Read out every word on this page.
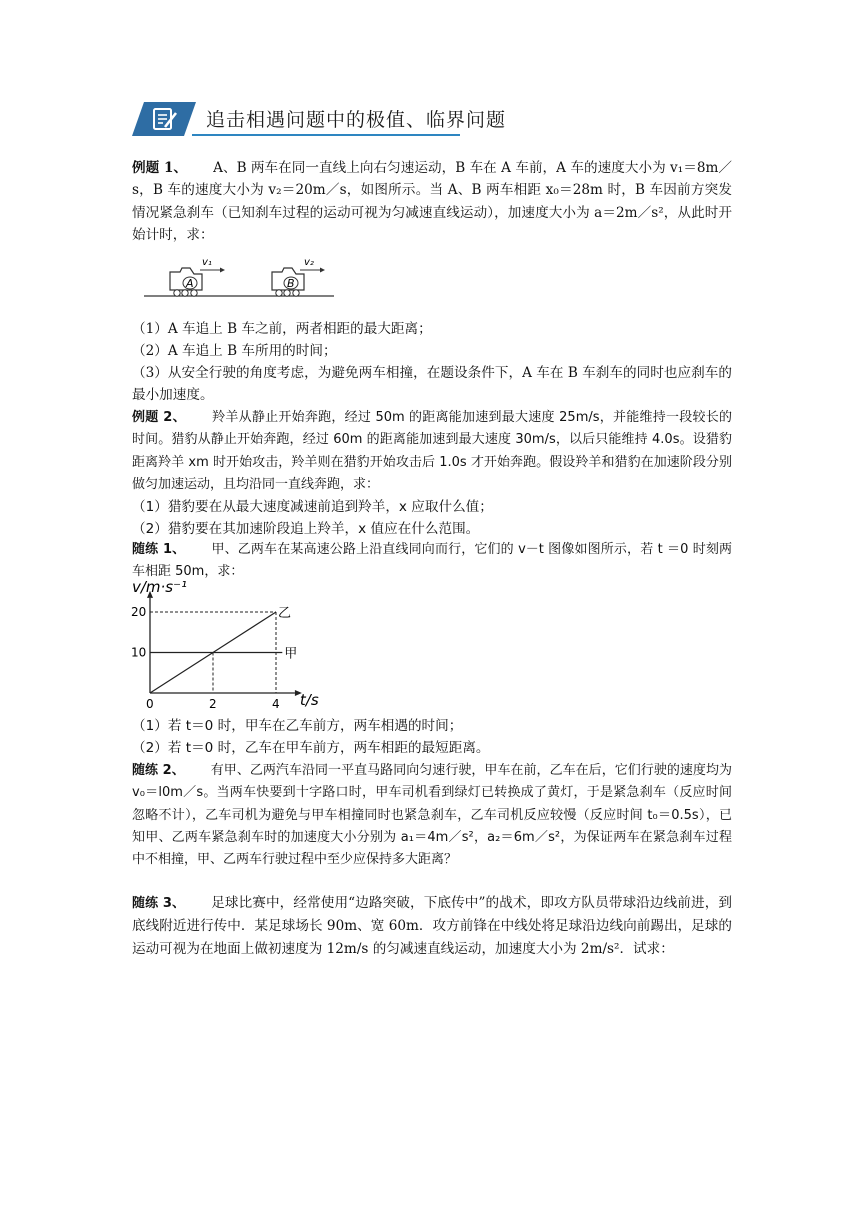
追击相遇问题中的极值、临界问题
例题 1、 A、B 两车在同一直线上向右匀速运动，B 车在 A 车前，A 车的速度大小为 v₁＝8m／s，B 车的速度大小为 v₂＝20m／s，如图所示。当 A、B 两车相距 x₀＝28m 时，B 车因前方突发情况紧急刹车（已知刹车过程的运动可视为匀减速直线运动），加速度大小为 a＝2m／s²，从此时开始计时，求：
A
v₁
B
v₂
（1）A 车追上 B 车之前，两者相距的最大距离；
（2）A 车追上 B 车所用的时间；
（3）从安全行驶的角度考虑，为避免两车相撞，在题设条件下，A 车在 B 车刹车的同时也应刹车的最小加速度。
例题 2、 羚羊从静止开始奔跑，经过 50m 的距离能加速到最大速度 25m/s，并能维持一段较长的时间。猎豹从静止开始奔跑，经过 60m 的距离能加速到最大速度 30m/s，以后只能维持 4.0s。设猎豹距离羚羊 xm 时开始攻击，羚羊则在猎豹开始攻击后 1.0s 才开始奔跑。假设羚羊和猎豹在加速阶段分别做匀加速运动，且均沿同一直线奔跑，求：
（1）猎豹要在从最大速度减速前追到羚羊，x 应取什么值；
（2）猎豹要在其加速阶段追上羚羊，x 值应在什么范围。
随练 1、 甲、乙两车在某高速公路上沿直线同向而行，它们的 v－t 图像如图所示，若 t ＝0 时刻两车相距 50m，求：
v/m·s⁻¹
t/s
0	2	4
10
20	乙
甲
（1）若 t＝0 时，甲车在乙车前方，两车相遇的时间；
（2）若 t＝0 时，乙车在甲车前方，两车相距的最短距离。
随练 2、 有甲、乙两汽车沿同一平直马路同向匀速行驶，甲车在前，乙车在后，它们行驶的速度均为 v₀＝l0m／s。当两车快要到十字路口时，甲车司机看到绿灯已转换成了黄灯，于是紧急刹车（反应时间忽略不计），乙车司机为避免与甲车相撞同时也紧急刹车，乙车司机反应较慢（反应时间 t₀＝0.5s），已知甲、乙两车紧急刹车时的加速度大小分别为 a₁＝4m／s²，a₂＝6m／s²，为保证两车在紧急刹车过程中不相撞，甲、乙两车行驶过程中至少应保持多大距离？
随练 3、 足球比赛中，经常使用“边路突破，下底传中”的战术，即攻方队员带球沿边线前进，到底线附近进行传中．某足球场长 90m、宽 60m．攻方前锋在中线处将足球沿边线向前踢出，足球的运动可视为在地面上做初速度为 12m/s 的匀减速直线运动，加速度大小为 2m/s²．试求：
